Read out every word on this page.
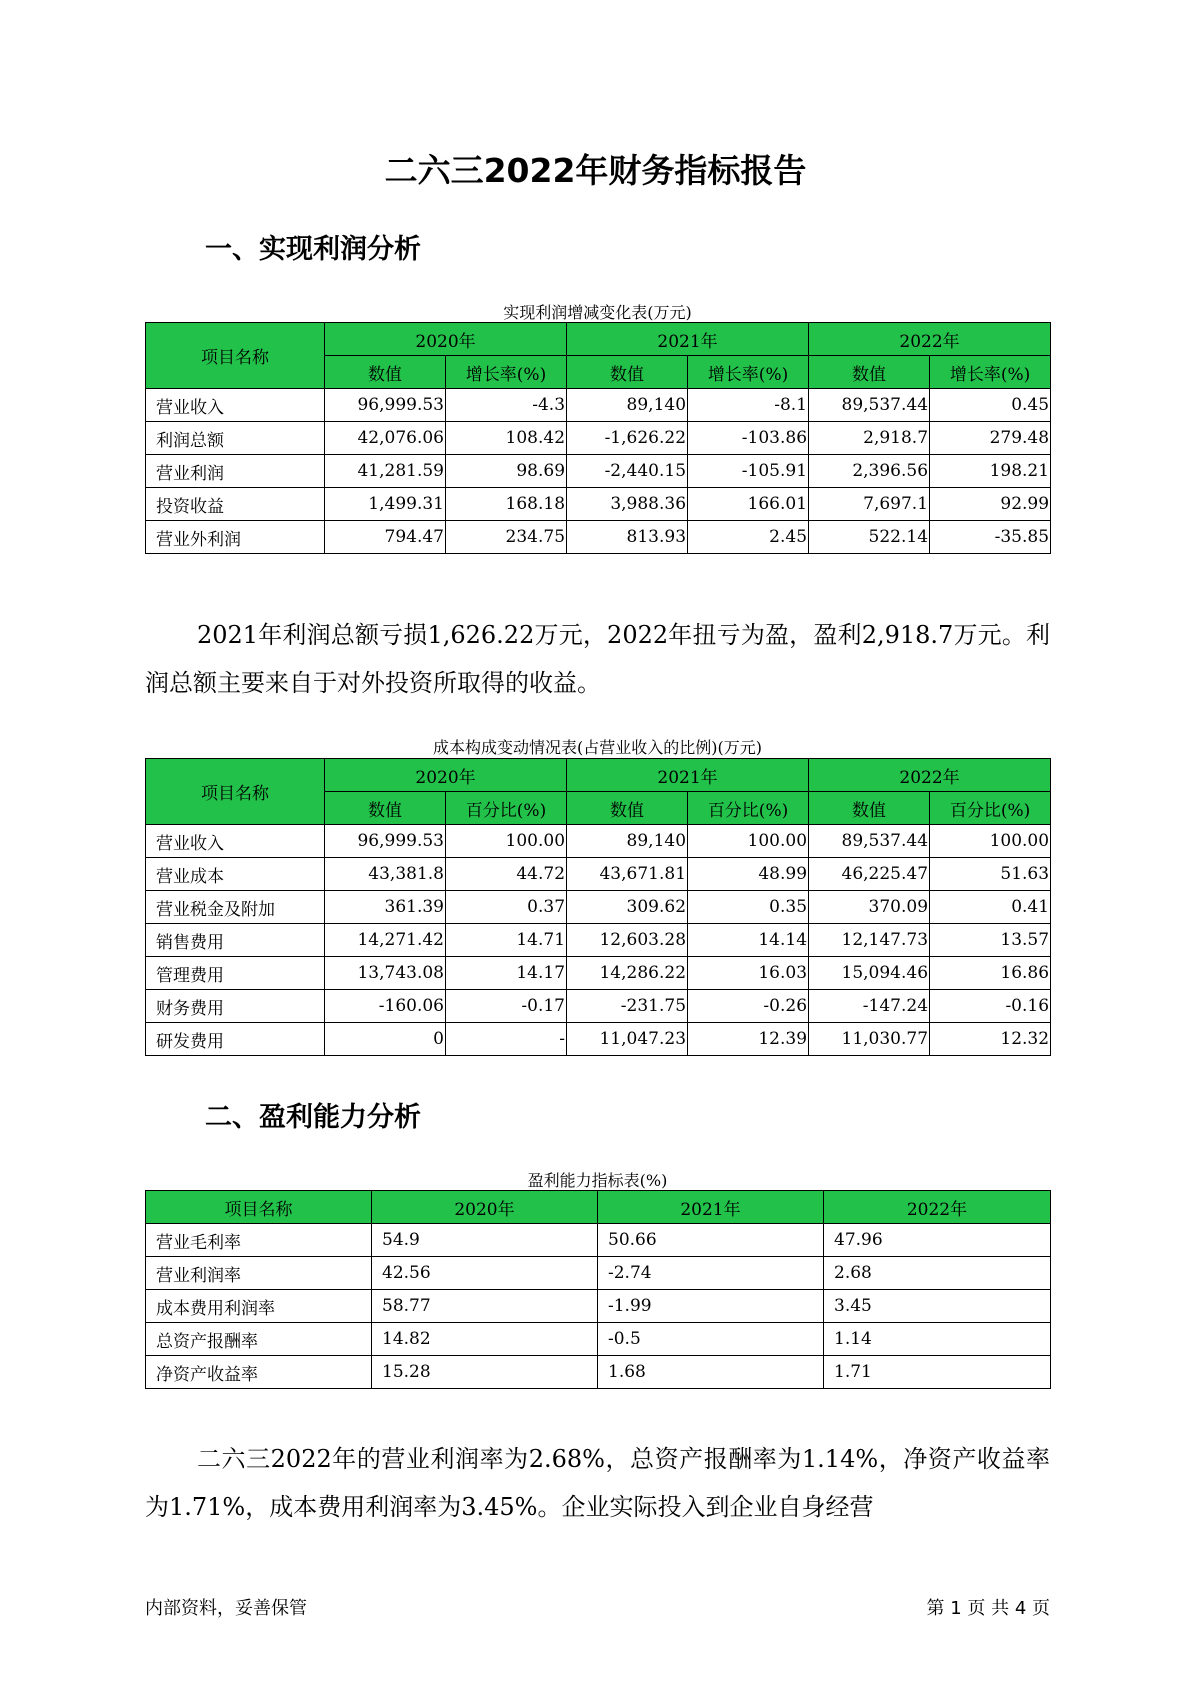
二六三2022年财务指标报告
一、实现利润分析
实现利润增减变化表(万元)
项目名称	2020年		2021年		2022年	
	数值	增长率(%)	数值	增长率(%)	数值	增长率(%)
营业收入	96,999.53	-4.3	89,140	-8.1	89,537.44	0.45
利润总额	42,076.06	108.42	-1,626.22	-103.86	2,918.7	279.48
营业利润	41,281.59	98.69	-2,440.15	-105.91	2,396.56	198.21
投资收益	1,499.31	168.18	3,988.36	166.01	7,697.1	92.99
营业外利润	794.47	234.75	813.93	2.45	522.14	-35.85
2021年利润总额亏损1,626.22万元，2022年扭亏为盈，盈利2,918.7万元。利润总额主要来自于对外投资所取得的收益。
成本构成变动情况表(占营业收入的比例)(万元)
项目名称	2020年		2021年		2022年	
	数值	百分比(%)	数值	百分比(%)	数值	百分比(%)
营业收入	96,999.53	100.00	89,140	100.00	89,537.44	100.00
营业成本	43,381.8	44.72	43,671.81	48.99	46,225.47	51.63
营业税金及附加	361.39	0.37	309.62	0.35	370.09	0.41
销售费用	14,271.42	14.71	12,603.28	14.14	12,147.73	13.57
管理费用	13,743.08	14.17	14,286.22	16.03	15,094.46	16.86
财务费用	-160.06	-0.17	-231.75	-0.26	-147.24	-0.16
研发费用	0	-	11,047.23	12.39	11,030.77	12.32
二、盈利能力分析
盈利能力指标表(%)
项目名称	2020年	2021年	2022年
营业毛利率	54.9	50.66	47.96
营业利润率	42.56	-2.74	2.68
成本费用利润率	58.77	-1.99	3.45
总资产报酬率	14.82	-0.5	1.14
净资产收益率	15.28	1.68	1.71
二六三2022年的营业利润率为2.68%，总资产报酬率为1.14%，净资产收益率为1.71%，成本费用利润率为3.45%。企业实际投入到企业自身经营
内部资料，妥善保管	第 1 页 共 4 页
